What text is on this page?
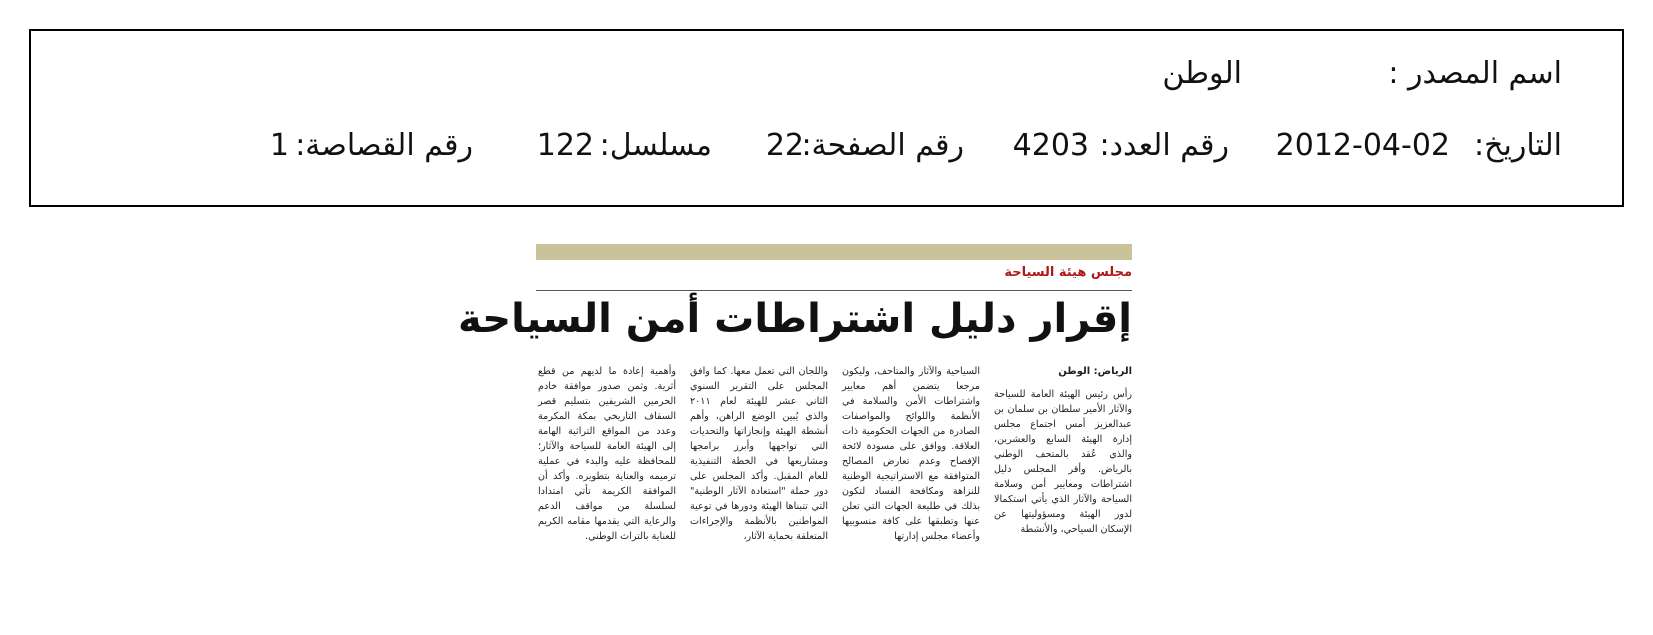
اسم المصدر :
الوطن
التاريخ:
2012-04-02
رقم العدد:
4203
رقم الصفحة:
22
مسلسل:
122
رقم القصاصة:
1
مجلس هيئة السياحة
إقرار دليل اشتراطات أمن السياحة
الرياض: الوطن
رأس رئيس الهيئة العامة للسياحة والآثار الأمير سلطان بن سلمان بن عبدالعزيز أمس اجتماع مجلس إدارة الهيئة السابع والعشرين، والذي عُقد بالمتحف الوطني بالرياض. وأقر المجلس دليل اشتراطات ومعايير أمن وسلامة السياحة والآثار الذي يأتي استكمالا لدور الهيئة ومسؤوليتها عن الإسكان السياحي، والأنشطة
السياحية والآثار والمتاحف، وليكون مرجعا يتضمن أهم معايير واشتراطات الأمن والسلامة في الأنظمة واللوائح والمواصفات الصادرة من الجهات الحكومية ذات العلاقة. ووافق على مسودة لائحة الإفصاح وعدم تعارض المصالح المتوافقة مع الاستراتيجية الوطنية للنزاهة ومكافحة الفساد لتكون بذلك في طليعة الجهات التي تعلن عنها وتطبقها على كافة منسوبيها وأعضاء مجلس إدارتها
واللجان التي تعمل معها. كما وافق المجلس على التقرير السنوي الثاني عشر للهيئة لعام ٢٠١١ والذي يُبين الوضع الراهن، وأهم أنشطة الهيئة وإنجازاتها والتحديات التي تواجهها وأبرز برامجها ومشاريعها في الخطة التنفيذية للعام المقبل. وأكد المجلس على دور حملة "استعادة الآثار الوطنية" التي تتبناها الهيئة ودورها في توعية المواطنين بالأنظمة والإجراءات المتعلقة بحماية الآثار،
وأهمية إعادة ما لديهم من قطع أثرية. وثمن صدور موافقة خادم الحرمين الشريفين بتسليم قصر السقاف التاريخي بمكة المكرمة وعدد من المواقع التراثية الهامة إلى الهيئة العامة للسياحة والآثار؛ للمحافظة عليه والبدء في عملية ترميمه والعناية بتطويره. وأكد أن الموافقة الكريمة تأتي امتدادا لسلسلة من مواقف الدعم والرعاية التي يقدمها مقامه الكريم للعناية بالتراث الوطني.
